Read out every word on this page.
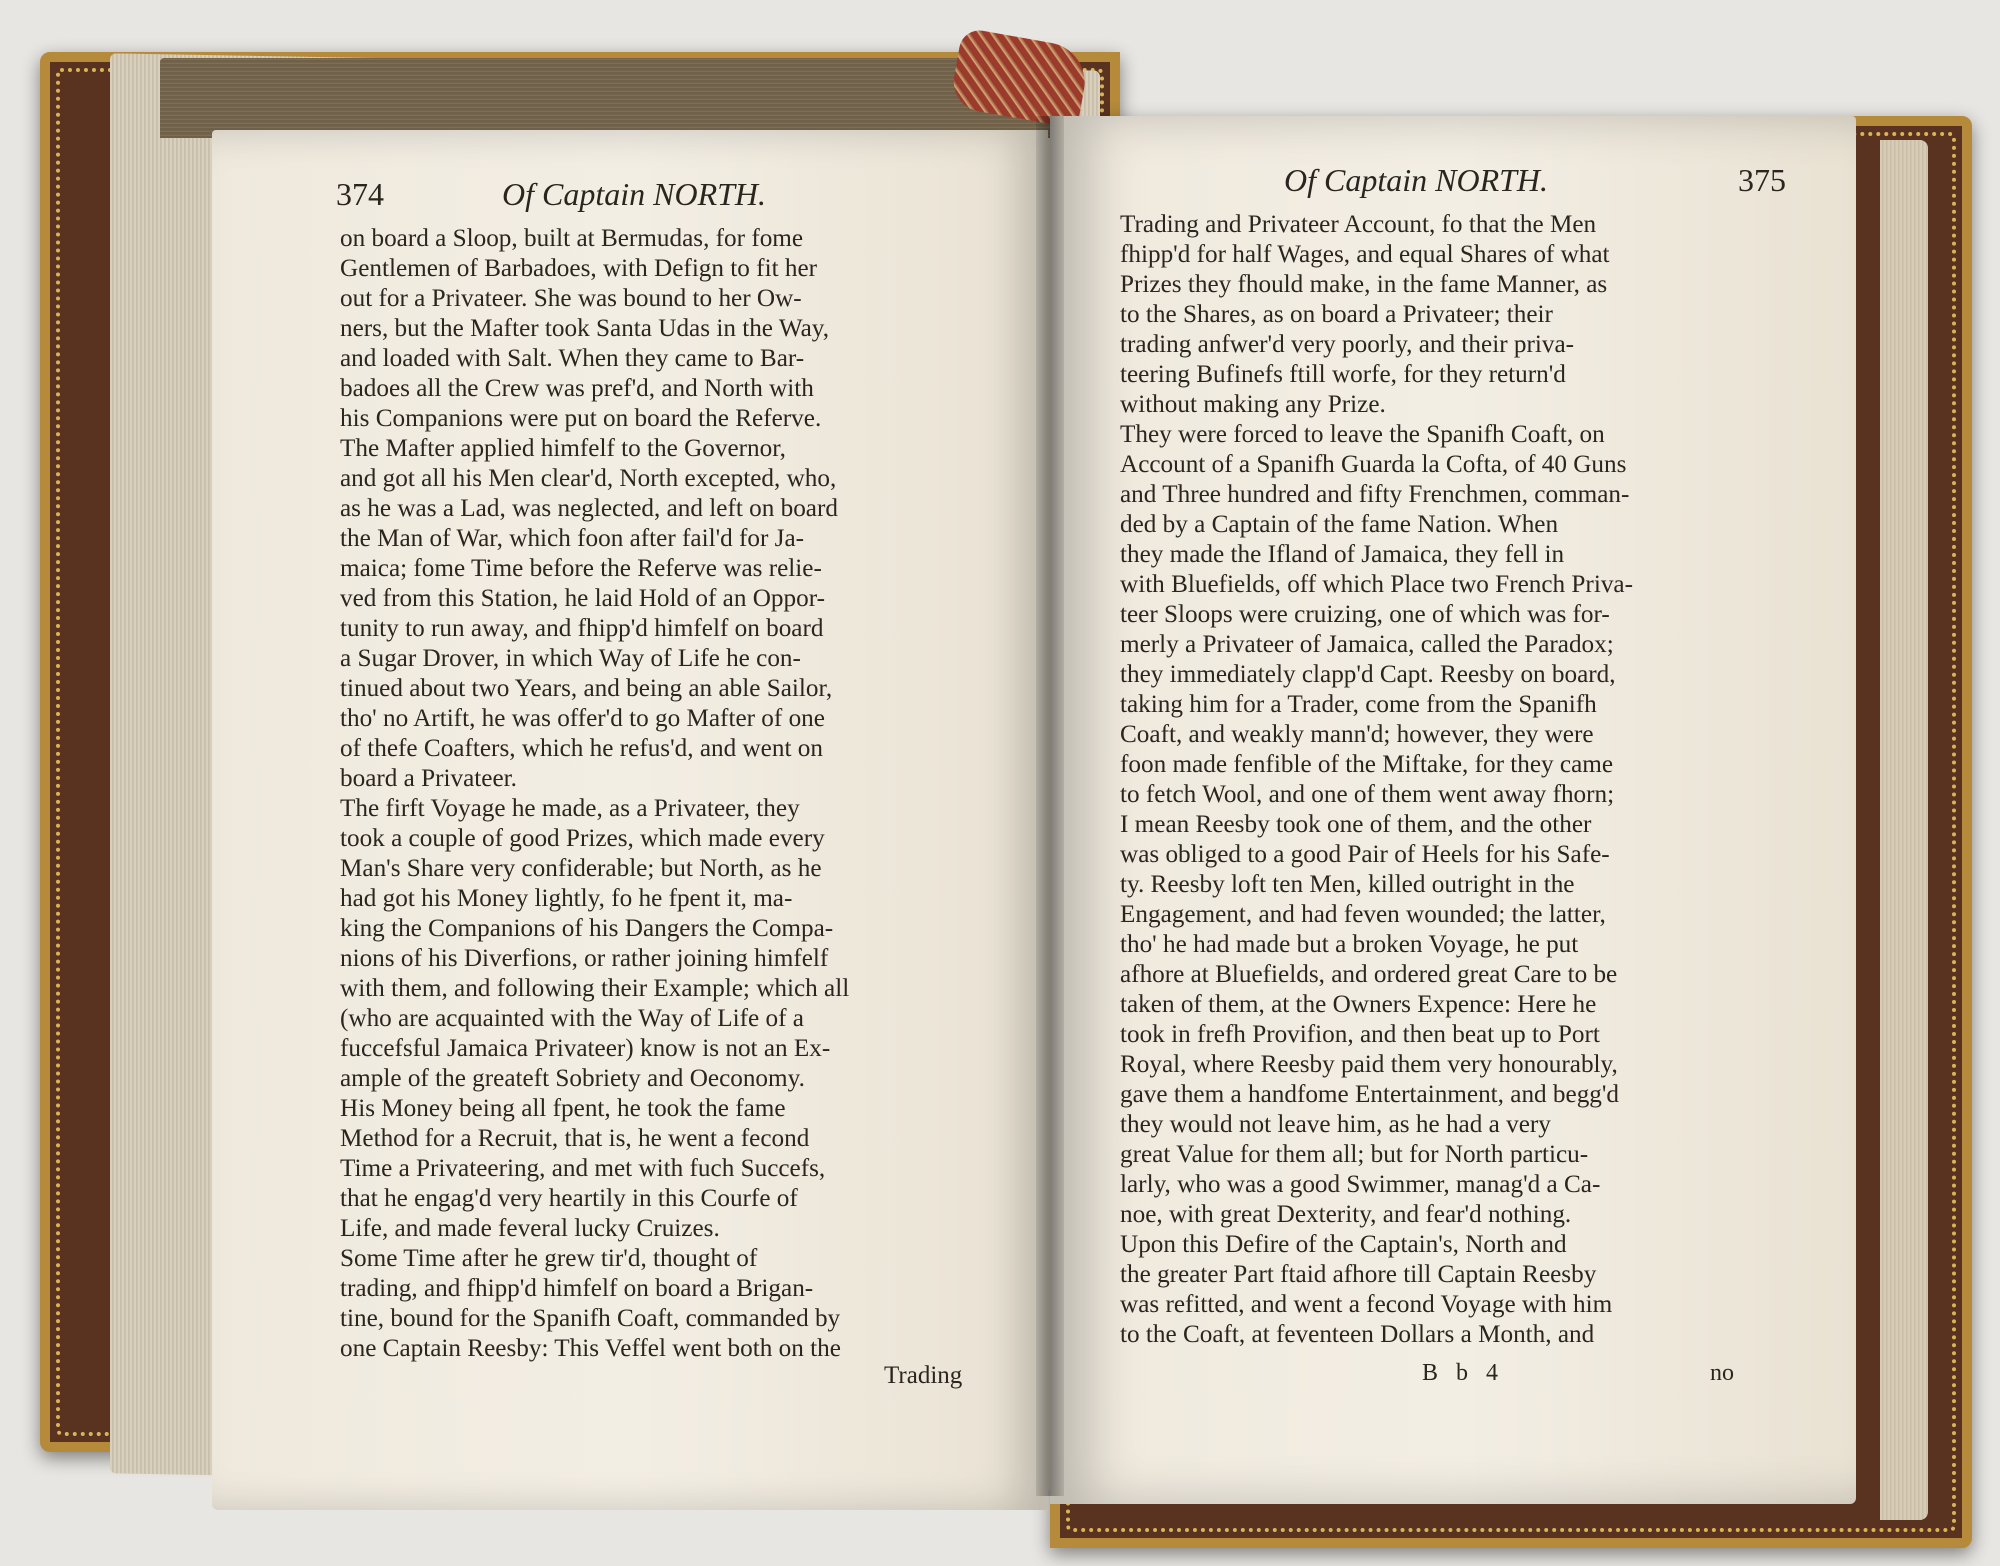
374	Of Captain NORTH.
on board a Sloop, built at Bermudas, for fome
Gentlemen of Barbadoes, with Defign to fit her
out for a Privateer. She was bound to her Ow-
ners, but the Mafter took Santa Udas in the Way,
and loaded with Salt. When they came to Bar-
badoes all the Crew was pref'd, and North with
his Companions were put on board the Referve.
The Mafter applied himfelf to the Governor,
and got all his Men clear'd, North excepted, who,
as he was a Lad, was neglected, and left on board
the Man of War, which foon after fail'd for Ja-
maica; fome Time before the Referve was relie-
ved from this Station, he laid Hold of an Oppor-
tunity to run away, and fhipp'd himfelf on board
a Sugar Drover, in which Way of Life he con-
tinued about two Years, and being an able Sailor,
tho' no Artift, he was offer'd to go Mafter of one
of thefe Coafters, which he refus'd, and went on
board a Privateer.
The firft Voyage he made, as a Privateer, they
took a couple of good Prizes, which made every
Man's Share very confiderable; but North, as he
had got his Money lightly, fo he fpent it, ma-
king the Companions of his Dangers the Compa-
nions of his Diverfions, or rather joining himfelf
with them, and following their Example; which all
(who are acquainted with the Way of Life of a
fuccefsful Jamaica Privateer) know is not an Ex-
ample of the greateft Sobriety and Oeconomy.
His Money being all fpent, he took the fame
Method for a Recruit, that is, he went a fecond
Time a Privateering, and met with fuch Succefs,
that he engag'd very heartily in this Courfe of
Life, and made feveral lucky Cruizes.
Some Time after he grew tir'd, thought of
trading, and fhipp'd himfelf on board a Brigan-
tine, bound for the Spanifh Coaft, commanded by
one Captain Reesby: This Veffel went both on the
Trading
Of Captain NORTH.	375
Trading and Privateer Account, fo that the Men
fhipp'd for half Wages, and equal Shares of what
Prizes they fhould make, in the fame Manner, as
to the Shares, as on board a Privateer; their
trading anfwer'd very poorly, and their priva-
teering Bufinefs ftill worfe, for they return'd
without making any Prize.
They were forced to leave the Spanifh Coaft, on
Account of a Spanifh Guarda la Cofta, of 40 Guns
and Three hundred and fifty Frenchmen, comman-
ded by a Captain of the fame Nation. When
they made the Ifland of Jamaica, they fell in
with Bluefields, off which Place two French Priva-
teer Sloops were cruizing, one of which was for-
merly a Privateer of Jamaica, called the Paradox;
they immediately clapp'd Capt. Reesby on board,
taking him for a Trader, come from the Spanifh
Coaft, and weakly mann'd; however, they were
foon made fenfible of the Miftake, for they came
to fetch Wool, and one of them went away fhorn;
I mean Reesby took one of them, and the other
was obliged to a good Pair of Heels for his Safe-
ty. Reesby loft ten Men, killed outright in the
Engagement, and had feven wounded; the latter,
tho' he had made but a broken Voyage, he put
afhore at Bluefields, and ordered great Care to be
taken of them, at the Owners Expence: Here he
took in frefh Provifion, and then beat up to Port
Royal, where Reesby paid them very honourably,
gave them a handfome Entertainment, and begg'd
they would not leave him, as he had a very
great Value for them all; but for North particu-
larly, who was a good Swimmer, manag'd a Ca-
noe, with great Dexterity, and fear'd nothing.
Upon this Defire of the Captain's, North and
the greater Part ftaid afhore till Captain Reesby
was refitted, and went a fecond Voyage with him
to the Coaft, at feventeen Dollars a Month, and
B b 4	no
